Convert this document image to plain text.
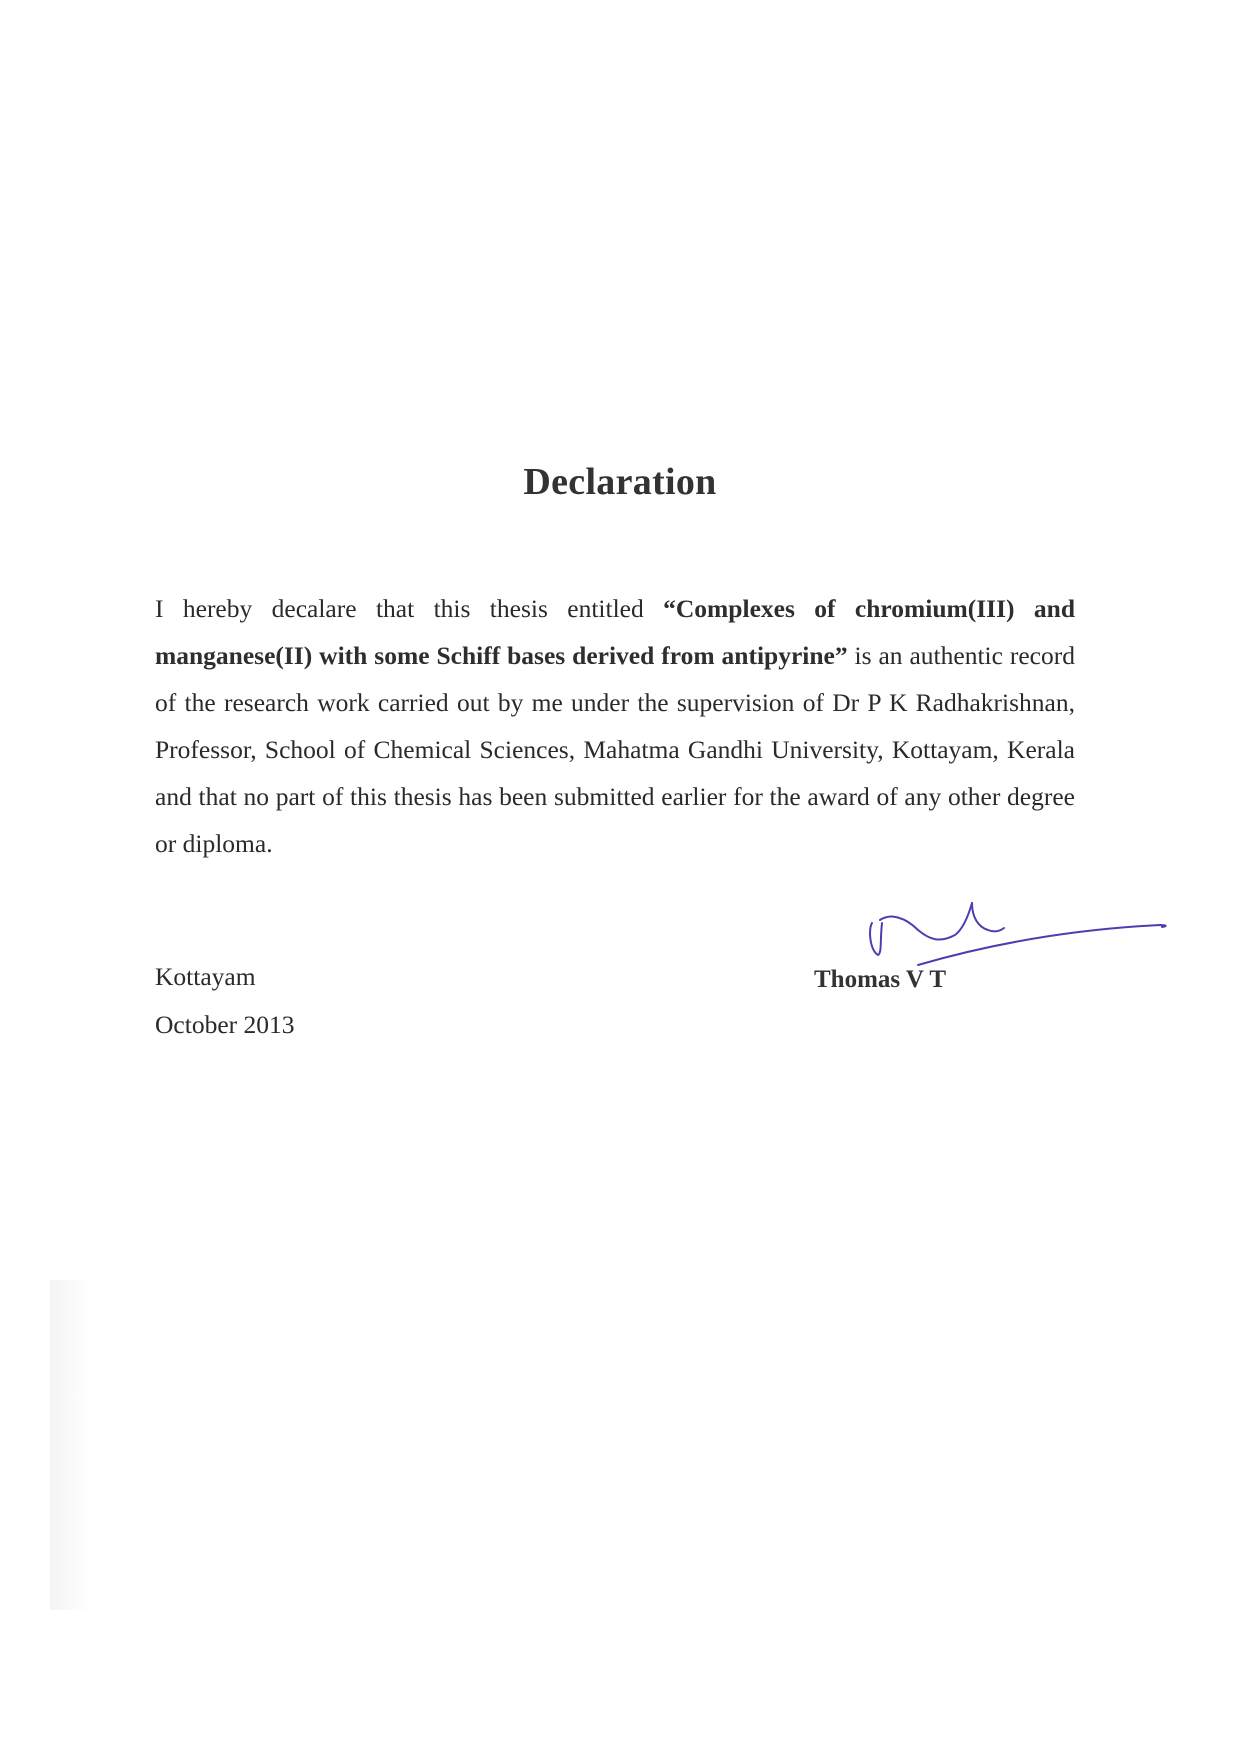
Declaration

I hereby decalare that this thesis entitled “Complexes of chromium(III) and manganese(II) with some Schiff bases derived from antipyrine” is an authentic record of the research work carried out by me under the supervision of Dr P K Radhakrishnan, Professor, School of Chemical Sciences, Mahatma Gandhi University, Kottayam, Kerala and that no part of this thesis has been submitted earlier for the award of any other degree or diploma.

Kottayam
October 2013
Thomas V T
